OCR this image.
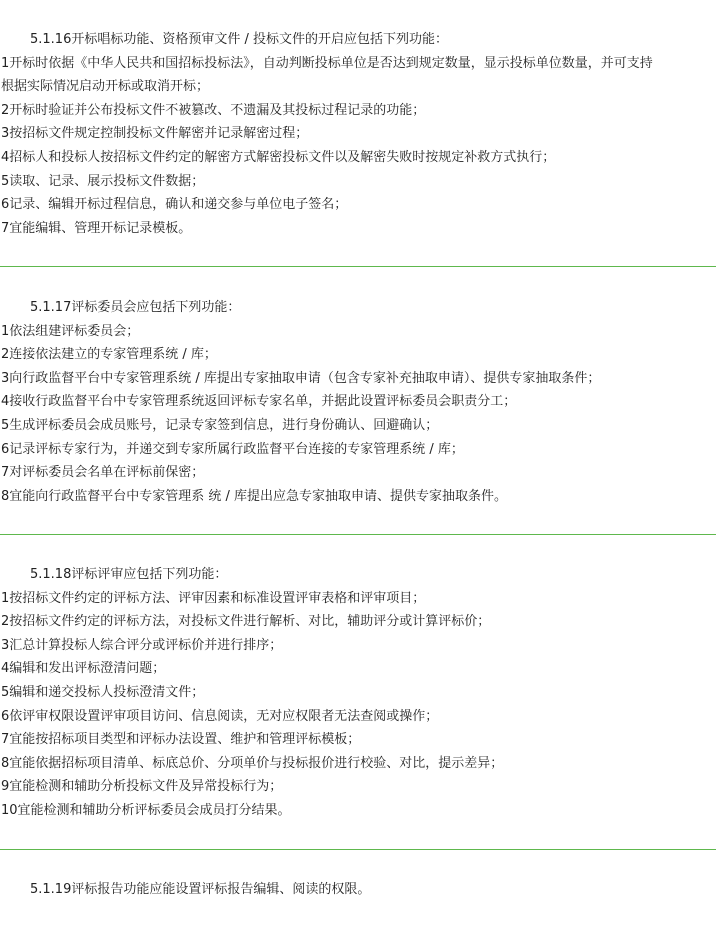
5.1.16开标唱标功能、资格预审文件 / 投标文件的开启应包括下列功能：
1开标时依据《中华人民共和国招标投标法》，自动判断投标单位是否达到规定数量，显示投标单位数量，并可支持
根据实际情况启动开标或取消开标；
2开标时验证并公布投标文件不被篡改、不遗漏及其投标过程记录的功能；
3按招标文件规定控制投标文件解密并记录解密过程；
4招标人和投标人按招标文件约定的解密方式解密投标文件以及解密失败时按规定补救方式执行；
5读取、记录、展示投标文件数据；
6记录、编辑开标过程信息，确认和递交参与单位电子签名；
7宜能编辑、管理开标记录模板。
5.1.17评标委员会应包括下列功能：
1依法组建评标委员会；
2连接依法建立的专家管理系统 / 库；
3向行政监督平台中专家管理系统 / 库提出专家抽取申请（包含专家补充抽取申请）、提供专家抽取条件；
4接收行政监督平台中专家管理系统返回评标专家名单，并据此设置评标委员会职责分工；
5生成评标委员会成员账号，记录专家签到信息，进行身份确认、回避确认；
6记录评标专家行为，并递交到专家所属行政监督平台连接的专家管理系统 / 库；
7对评标委员会名单在评标前保密；
8宜能向行政监督平台中专家管理系 统 / 库提出应急专家抽取申请、提供专家抽取条件。
5.1.18评标评审应包括下列功能：
1按招标文件约定的评标方法、评审因素和标准设置评审表格和评审项目；
2按招标文件约定的评标方法，对投标文件进行解析、对比，辅助评分或计算评标价；
3汇总计算投标人综合评分或评标价并进行排序；
4编辑和发出评标澄清问题；
5编辑和递交投标人投标澄清文件；
6依评审权限设置评审项目访问、信息阅读，无对应权限者无法查阅或操作；
7宜能按招标项目类型和评标办法设置、维护和管理评标模板；
8宜能依据招标项目清单、标底总价、分项单价与投标报价进行校验、对比，提示差异；
9宜能检测和辅助分析投标文件及异常投标行为；
10宜能检测和辅助分析评标委员会成员打分结果。
5.1.19评标报告功能应能设置评标报告编辑、阅读的权限。
